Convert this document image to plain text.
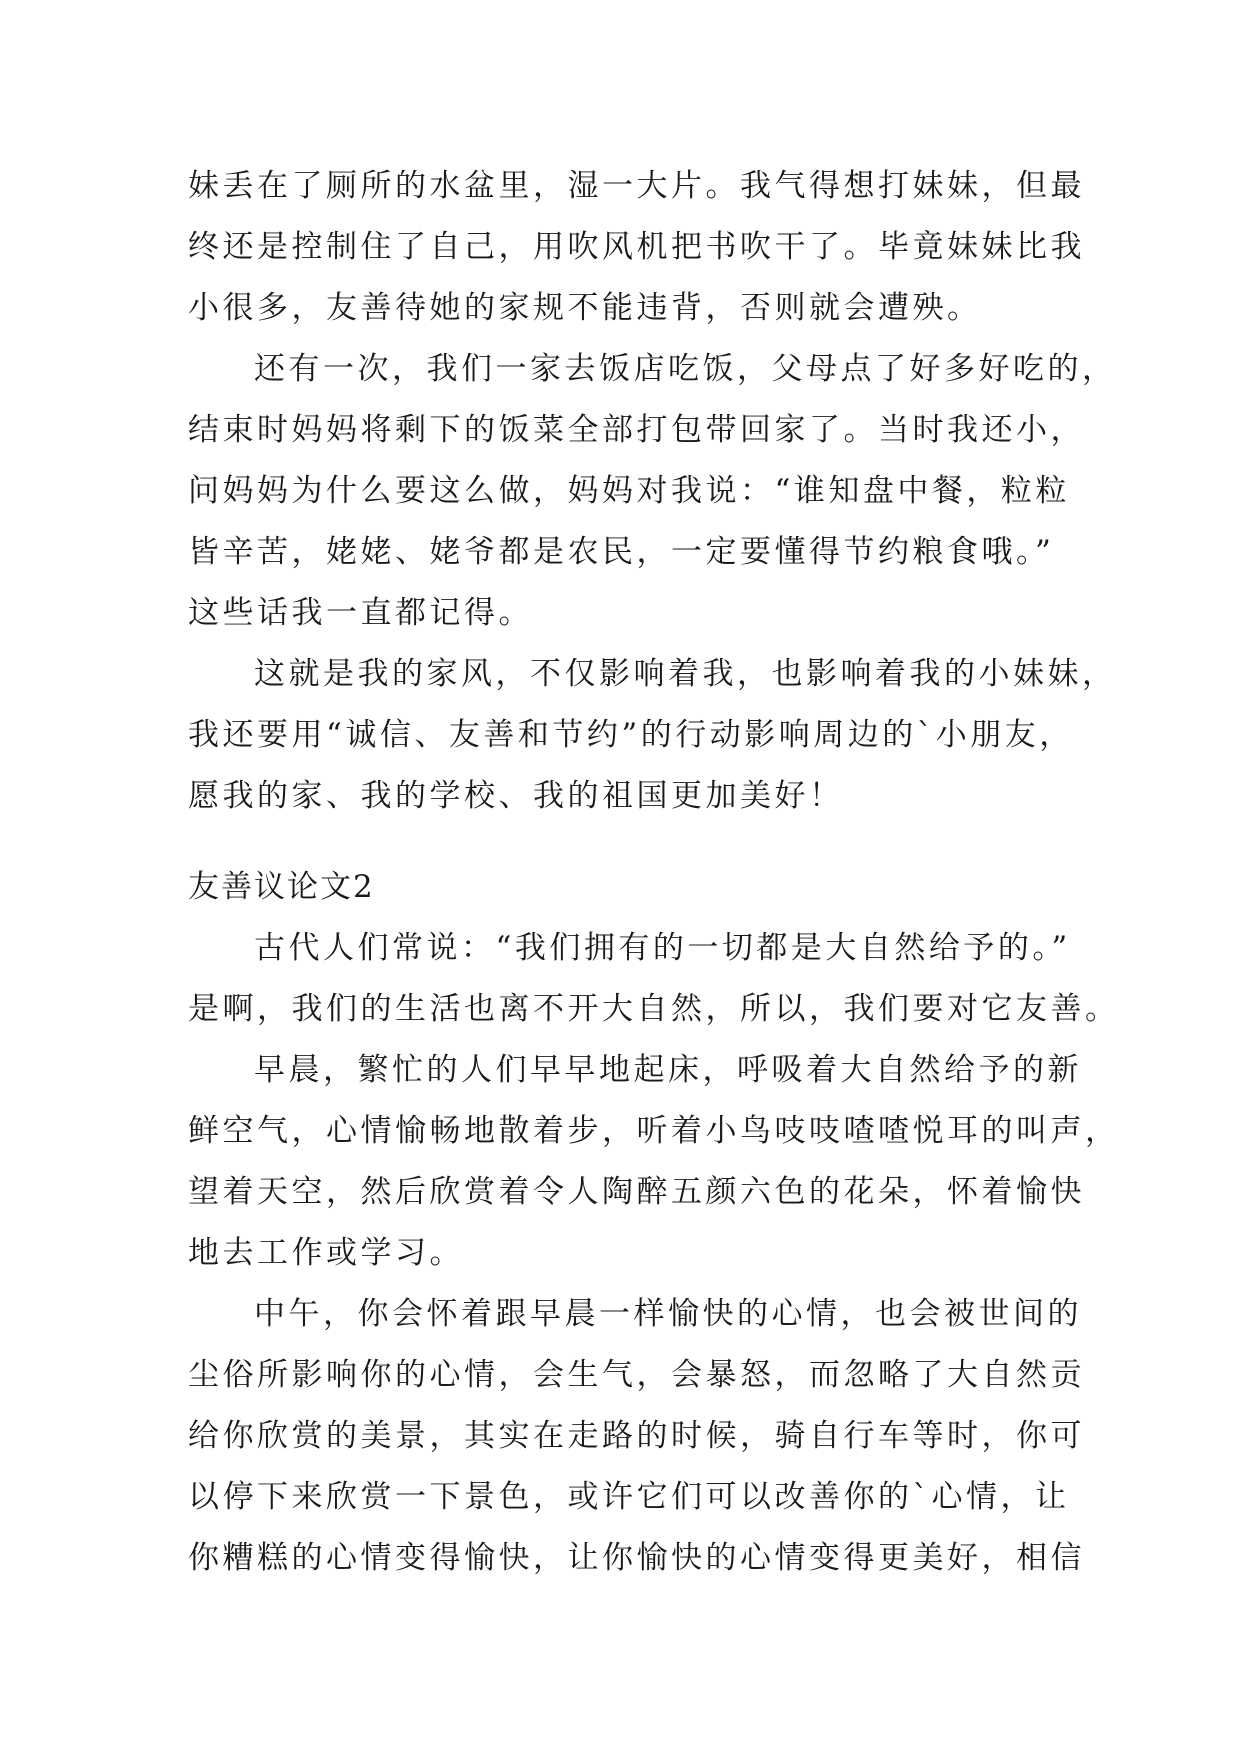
妹丢在了厕所的水盆里，湿一大片。我气得想打妹妹，但最
终还是控制住了自己，用吹风机把书吹干了。毕竟妹妹比我
小很多，友善待她的家规不能违背，否则就会遭殃。
还有一次，我们一家去饭店吃饭，父母点了好多好吃的，
结束时妈妈将剩下的饭菜全部打包带回家了。当时我还小，
问妈妈为什么要这么做，妈妈对我说：“谁知盘中餐，粒粒
皆辛苦，姥姥、姥爷都是农民，一定要懂得节约粮食哦。”
这些话我一直都记得。
这就是我的家风，不仅影响着我，也影响着我的小妹妹，
我还要用“诚信、友善和节约”的行动影响周边的`小朋友，
愿我的家、我的学校、我的祖国更加美好！
友善议论文2
古代人们常说：“我们拥有的一切都是大自然给予的。”
是啊，我们的生活也离不开大自然，所以，我们要对它友善。
早晨，繁忙的人们早早地起床，呼吸着大自然给予的新
鲜空气，心情愉畅地散着步，听着小鸟吱吱喳喳悦耳的叫声，
望着天空，然后欣赏着令人陶醉五颜六色的花朵，怀着愉快
地去工作或学习。
中午，你会怀着跟早晨一样愉快的心情，也会被世间的
尘俗所影响你的心情，会生气，会暴怒，而忽略了大自然贡
给你欣赏的美景，其实在走路的时候，骑自行车等时，你可
以停下来欣赏一下景色，或许它们可以改善你的`心情，让
你糟糕的心情变得愉快，让你愉快的心情变得更美好，相信
